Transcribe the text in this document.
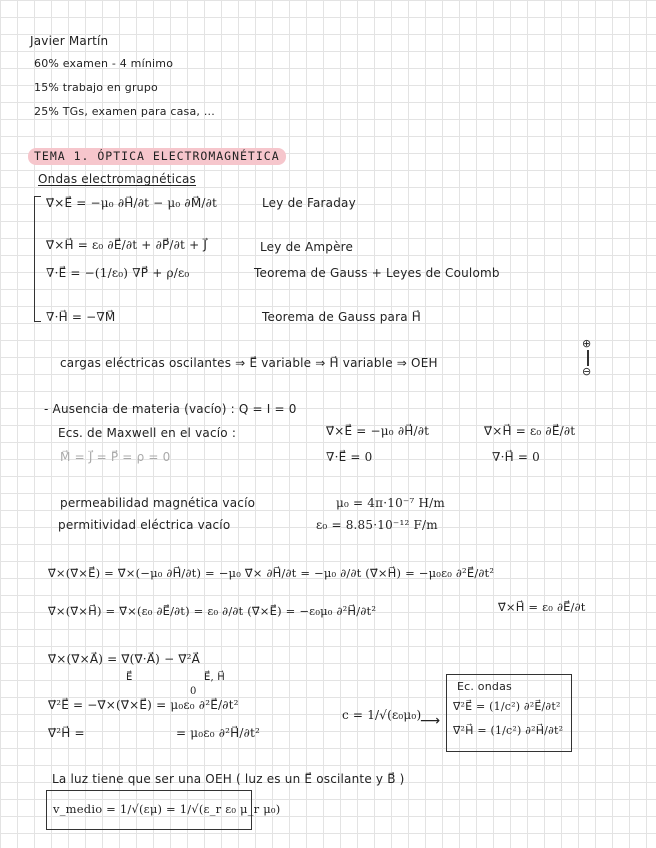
Javier Martín
60% examen - 4 mínimo
15% trabajo en grupo
25% TGs, examen para casa, ...
TEMA 1. ÓPTICA ELECTROMAGNÉTICA
Ondas electromagnéticas
∇⃗×E⃗ = −μ₀ ∂H⃗/∂t − μ₀ ∂M⃗/∂t	Ley de Faraday
∇⃗×H⃗ = ε₀ ∂E⃗/∂t + ∂P⃗/∂t + J⃗	Ley de Ampère
∇·E⃗ = −(1/ε₀) ∇P⃗ + ρ/ε₀	Teorema de Gauss + Leyes de Coulomb
∇·H⃗ = −∇M⃗	Teorema de Gauss para H⃗
cargas eléctricas oscilantes ⇒ E⃗ variable ⇒ H⃗ variable ⇒ OEH
⊕
⊖
- Ausencia de materia (vacío) : Q = I = 0
Ecs. de Maxwell en el vacío :	∇⃗×E⃗ = −μ₀ ∂H⃗/∂t	∇⃗×H⃗ = ε₀ ∂E⃗/∂t
M⃗ = J⃗ = P⃗ = ρ = 0	∇·E⃗ = 0	∇·H⃗ = 0
permeabilidad magnética vacío	μ₀ = 4π·10⁻⁷ H/m
permitividad eléctrica vacío	ε₀ = 8.85·10⁻¹² F/m
∇⃗×(∇⃗×E⃗) = ∇⃗×(−μ₀ ∂H⃗/∂t) = −μ₀ ∇⃗× ∂H⃗/∂t = −μ₀ ∂/∂t (∇⃗×H⃗) = −μ₀ε₀ ∂²E⃗/∂t²
∇⃗×(∇⃗×H⃗) = ∇⃗×(ε₀ ∂E⃗/∂t) = ε₀ ∂/∂t (∇⃗×E⃗) = −ε₀μ₀ ∂²H⃗/∂t²	∇⃗×H⃗ = ε₀ ∂E⃗/∂t
∇⃗×(∇⃗×A⃗) = ∇⃗(∇⃗·A⃗) − ∇⃗²A⃗
E⃗	E⃗, H⃗
0
∇⃗²E⃗ = −∇⃗×(∇⃗×E⃗) = μ₀ε₀ ∂²E⃗/∂t²
∇⃗²H⃗ =	= μ₀ε₀ ∂²H⃗/∂t²
c = 1/√(ε₀μ₀)
⟶
Ec. ondas
∇⃗²E⃗ = (1/c²) ∂²E⃗/∂t²
∇⃗²H⃗ = (1/c²) ∂²H⃗/∂t²
La luz tiene que ser una OEH ( luz es un E⃗ oscilante y B⃗ )
v_medio = 1/√(εμ) = 1/√(ε_r ε₀ μ_r μ₀)
